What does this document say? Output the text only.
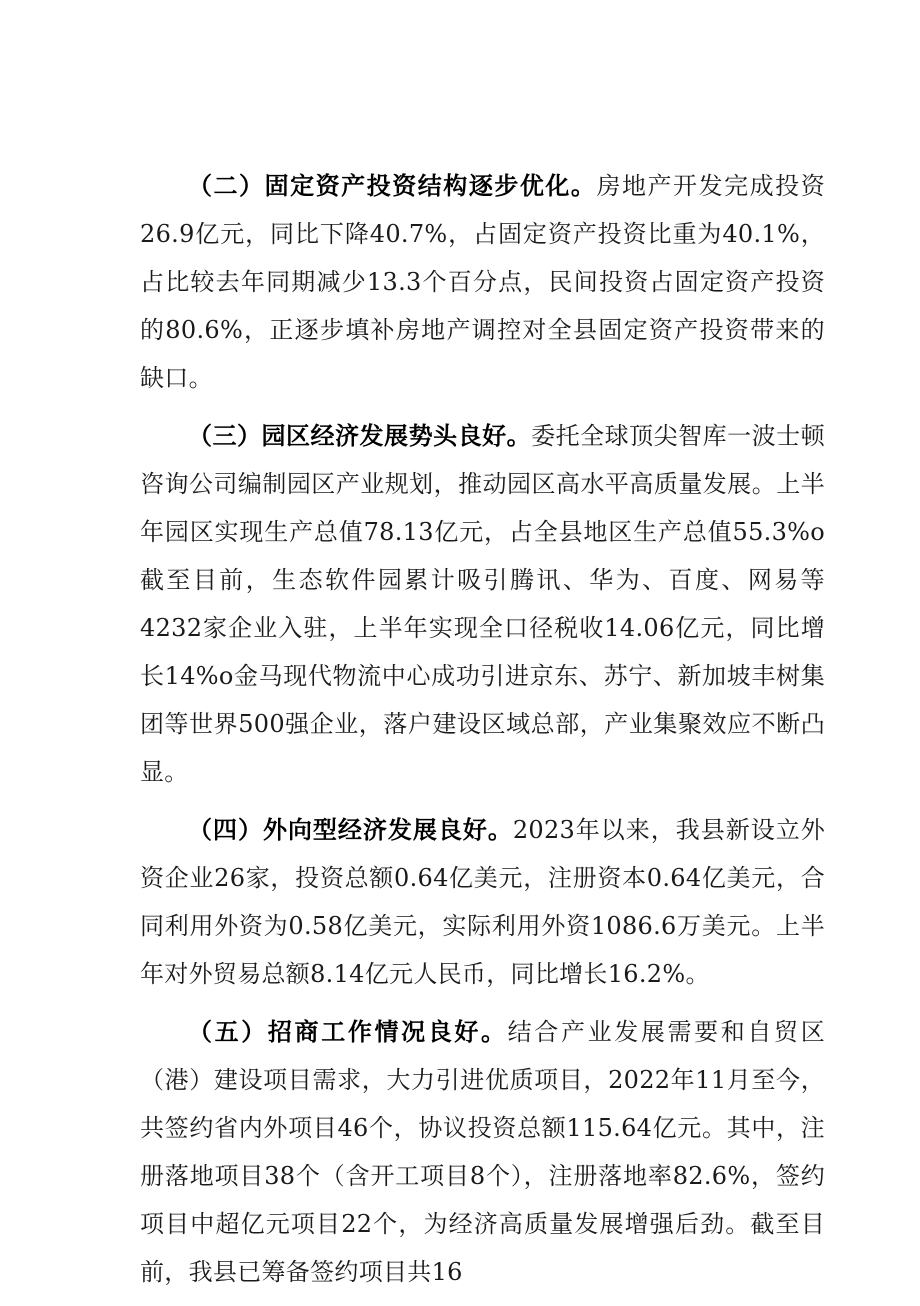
（二）固定资产投资结构逐步优化。房地产开发完成投资26.9亿元，同比下降40.7%，占固定资产投资比重为40.1%，占比较去年同期减少13.3个百分点，民间投资占固定资产投资的80.6%，正逐步填补房地产调控对全县固定资产投资带来的缺口。

（三）园区经济发展势头良好。委托全球顶尖智库一波士顿咨询公司编制园区产业规划，推动园区高水平高质量发展。上半年园区实现生产总值78.13亿元，占全县地区生产总值55.3%o截至目前，生态软件园累计吸引腾讯、华为、百度、网易等4232家企业入驻，上半年实现全口径税收14.06亿元，同比增长14%o金马现代物流中心成功引进京东、苏宁、新加坡丰树集团等世界500强企业，落户建设区域总部，产业集聚效应不断凸显。

（四）外向型经济发展良好。2023年以来，我县新设立外资企业26家，投资总额0.64亿美元，注册资本0.64亿美元，合同利用外资为0.58亿美元，实际利用外资1086.6万美元。上半年对外贸易总额8.14亿元人民币，同比增长16.2%。

（五）招商工作情况良好。结合产业发展需要和自贸区（港）建设项目需求，大力引进优质项目，2022年11月至今，共签约省内外项目46个，协议投资总额115.64亿元。其中，注册落地项目38个（含开工项目8个），注册落地率82.6%，签约项目中超亿元项目22个，为经济高质量发展增强后劲。截至目前，我县已筹备签约项目共16
